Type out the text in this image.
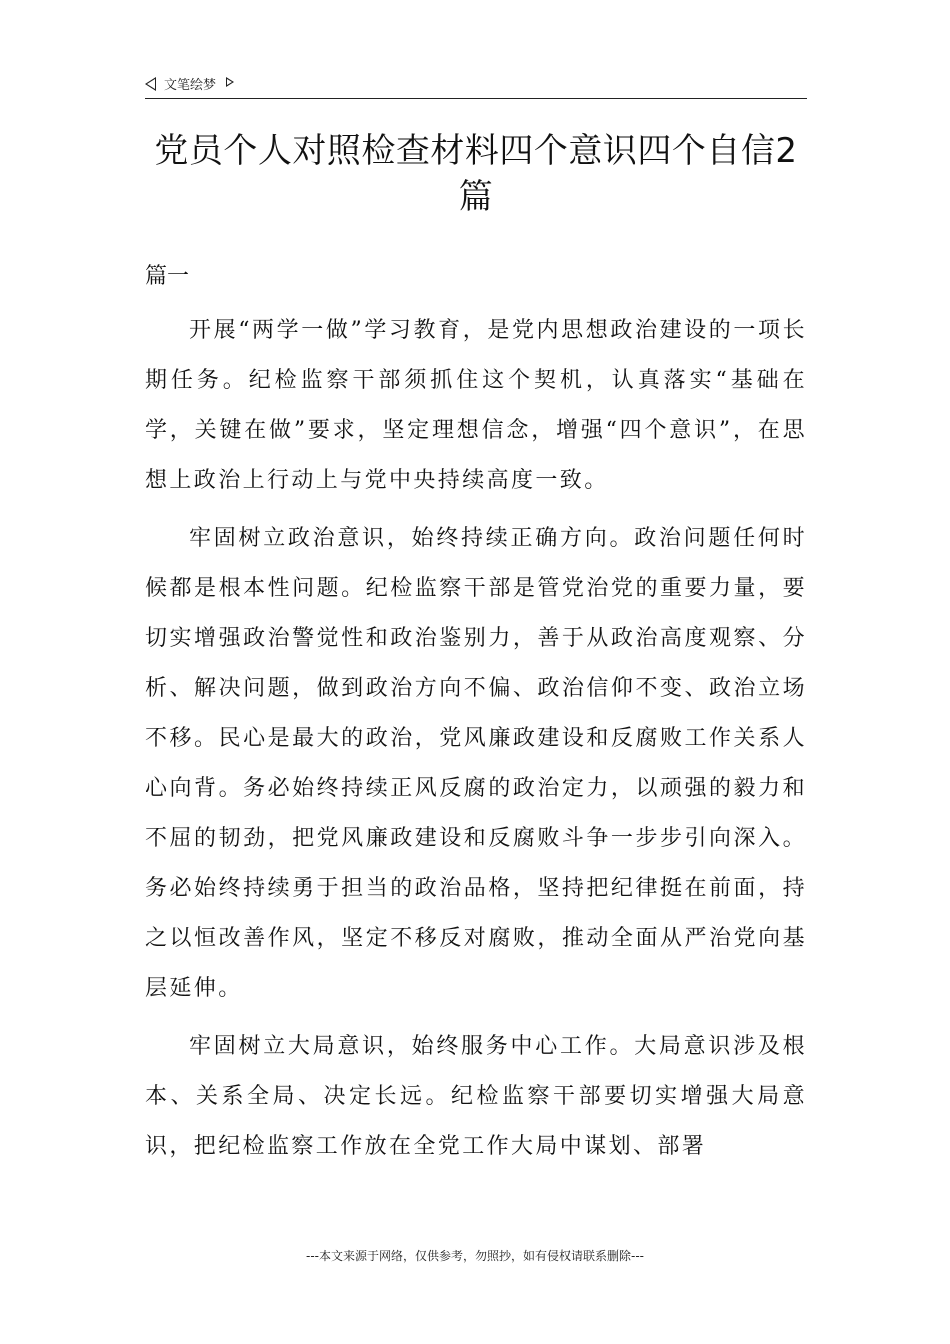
文笔绘梦
党员个人对照检查材料四个意识四个自信2篇
篇一

开展“两学一做”学习教育，是党内思想政治建设的一项长期任务。纪检监察干部须抓住这个契机，认真落实“基础在学，关键在做”要求，坚定理想信念，增强“四个意识”，在思想上政治上行动上与党中央持续高度一致。

牢固树立政治意识，始终持续正确方向。政治问题任何时候都是根本性问题。纪检监察干部是管党治党的重要力量，要切实增强政治警觉性和政治鉴别力，善于从政治高度观察、分析、解决问题，做到政治方向不偏、政治信仰不变、政治立场不移。民心是最大的政治，党风廉政建设和反腐败工作关系人心向背。务必始终持续正风反腐的政治定力，以顽强的毅力和不屈的韧劲，把党风廉政建设和反腐败斗争一步步引向深入。务必始终持续勇于担当的政治品格，坚持把纪律挺在前面，持之以恒改善作风，坚定不移反对腐败，推动全面从严治党向基层延伸。

牢固树立大局意识，始终服务中心工作。大局意识涉及根本、关系全局、决定长远。纪检监察干部要切实增强大局意识，把纪检监察工作放在全党工作大局中谋划、部署

---本文来源于网络，仅供参考，勿照抄，如有侵权请联系删除---
